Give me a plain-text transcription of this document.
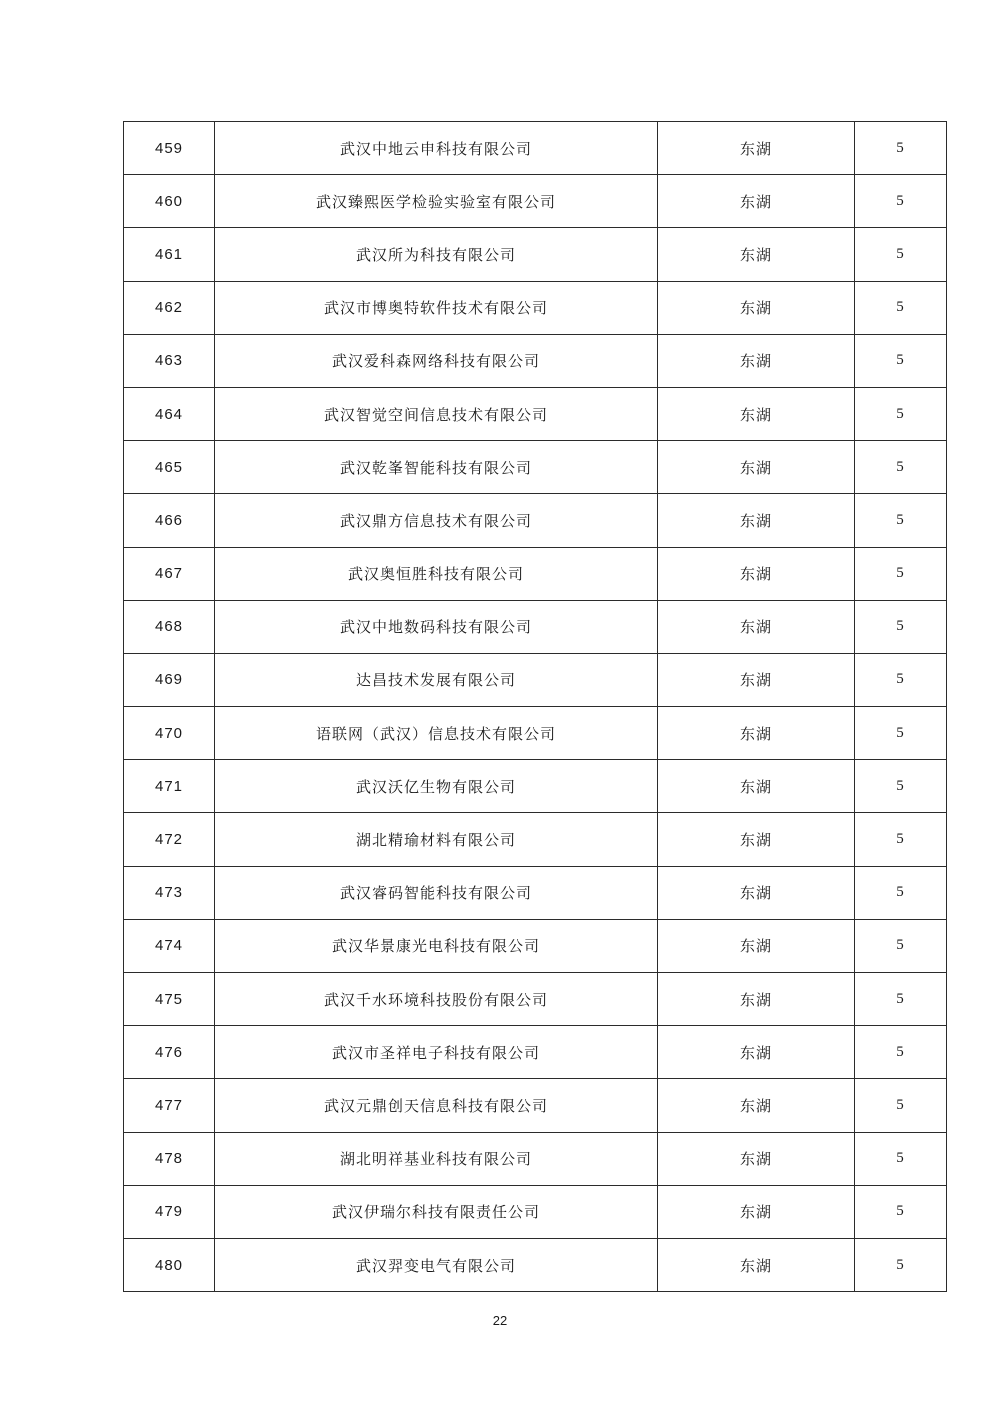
459	武汉中地云申科技有限公司	东湖	5
460	武汉臻熙医学检验实验室有限公司	东湖	5
461	武汉所为科技有限公司	东湖	5
462	武汉市博奥特软件技术有限公司	东湖	5
463	武汉爱科森网络科技有限公司	东湖	5
464	武汉智觉空间信息技术有限公司	东湖	5
465	武汉乾峯智能科技有限公司	东湖	5
466	武汉鼎方信息技术有限公司	东湖	5
467	武汉奥恒胜科技有限公司	东湖	5
468	武汉中地数码科技有限公司	东湖	5
469	达昌技术发展有限公司	东湖	5
470	语联网（武汉）信息技术有限公司	东湖	5
471	武汉沃亿生物有限公司	东湖	5
472	湖北精瑜材料有限公司	东湖	5
473	武汉睿码智能科技有限公司	东湖	5
474	武汉华景康光电科技有限公司	东湖	5
475	武汉千水环境科技股份有限公司	东湖	5
476	武汉市圣祥电子科技有限公司	东湖	5
477	武汉元鼎创天信息科技有限公司	东湖	5
478	湖北明祥基业科技有限公司	东湖	5
479	武汉伊瑞尔科技有限责任公司	东湖	5
480	武汉羿变电气有限公司	东湖	5
22
